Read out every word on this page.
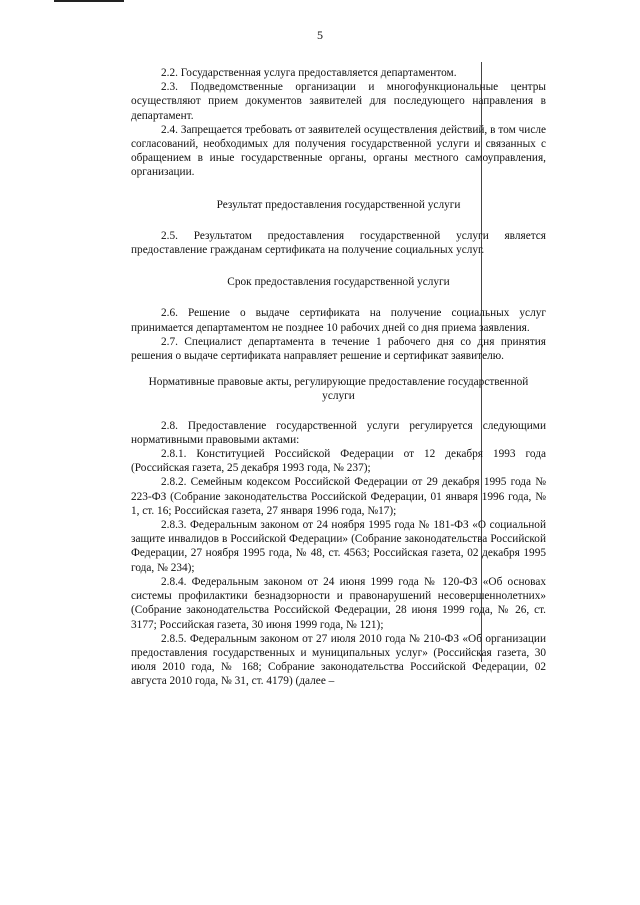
5

2.2. Государственная услуга предоставляется департаментом.

2.3. Подведомственные организации и многофункциональные центры осуществляют прием документов заявителей для последующего направления в департамент.

2.4. Запрещается требовать от заявителей осуществления действий, в том числе согласований, необходимых для получения государственной услуги и связанных с обращением в иные государственные органы, органы местного самоуправления, организации.

Результат предоставления государственной услуги

2.5. Результатом предоставления государственной услуги является предоставление гражданам сертификата на получение социальных услуг.

Срок предоставления государственной услуги

2.6. Решение о выдаче сертификата на получение социальных услуг принимается департаментом не позднее 10 рабочих дней со дня приема заявления.

2.7. Специалист департамента в течение 1 рабочего дня со дня принятия решения о выдаче сертификата направляет решение и сертификат заявителю.

Нормативные правовые акты, регулирующие предоставление государственной услуги

2.8. Предоставление государственной услуги регулируется следующими нормативными правовыми актами:

2.8.1. Конституцией Российской Федерации от 12 декабря 1993 года (Российская газета, 25 декабря 1993 года, № 237);

2.8.2. Семейным кодексом Российской Федерации от 29 декабря 1995 года № 223-ФЗ (Собрание законодательства Российской Федерации, 01 января 1996 года, № 1, ст. 16; Российская газета, 27 января 1996 года, №17);

2.8.3. Федеральным законом от 24 ноября 1995 года № 181-ФЗ «О социальной защите инвалидов в Российской Федерации» (Собрание законодательства Российской Федерации, 27 ноября 1995 года, № 48, ст. 4563; Российская газета, 02 декабря 1995 года, № 234);

2.8.4. Федеральным законом от 24 июня 1999 года № 120-ФЗ «Об основах системы профилактики безнадзорности и правонарушений несовершеннолетних» (Собрание законодательства Российской Федерации, 28 июня 1999 года, № 26, ст. 3177; Российская газета, 30 июня 1999 года, № 121);

2.8.5. Федеральным законом от 27 июля 2010 года № 210-ФЗ «Об организации предоставления государственных и муниципальных услуг» (Российская газета, 30 июля 2010 года, № 168; Собрание законодательства Российской Федерации, 02 августа 2010 года, № 31, ст. 4179) (далее –
